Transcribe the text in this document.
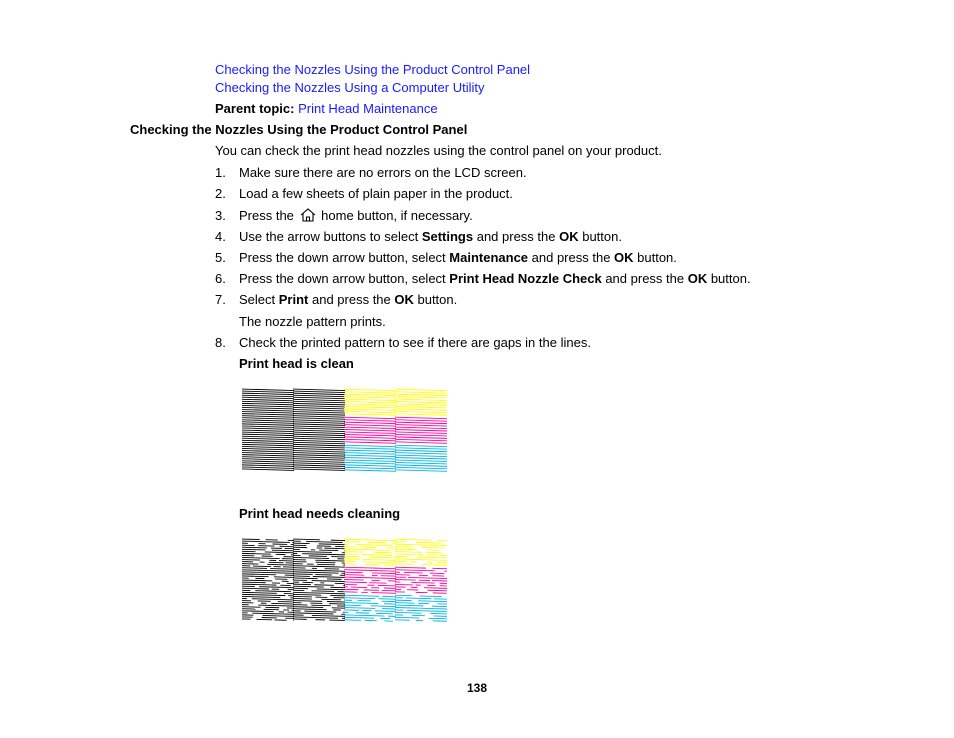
Checking the Nozzles Using the Product Control Panel
Checking the Nozzles Using a Computer Utility
Parent topic: Print Head Maintenance
Checking the Nozzles Using the Product Control Panel
You can check the print head nozzles using the control panel on your product.
1.	Make sure there are no errors on the LCD screen.
2.	Load a few sheets of plain paper in the product.
3.	Press the home button, if necessary.
4.	Use the arrow buttons to select Settings and press the OK button.
5.	Press the down arrow button, select Maintenance and press the OK button.
6.	Press the down arrow button, select Print Head Nozzle Check and press the OK button.
7.	Select Print and press the OK button.
The nozzle pattern prints.
8.	Check the printed pattern to see if there are gaps in the lines.
Print head is clean
Print head needs cleaning
138
